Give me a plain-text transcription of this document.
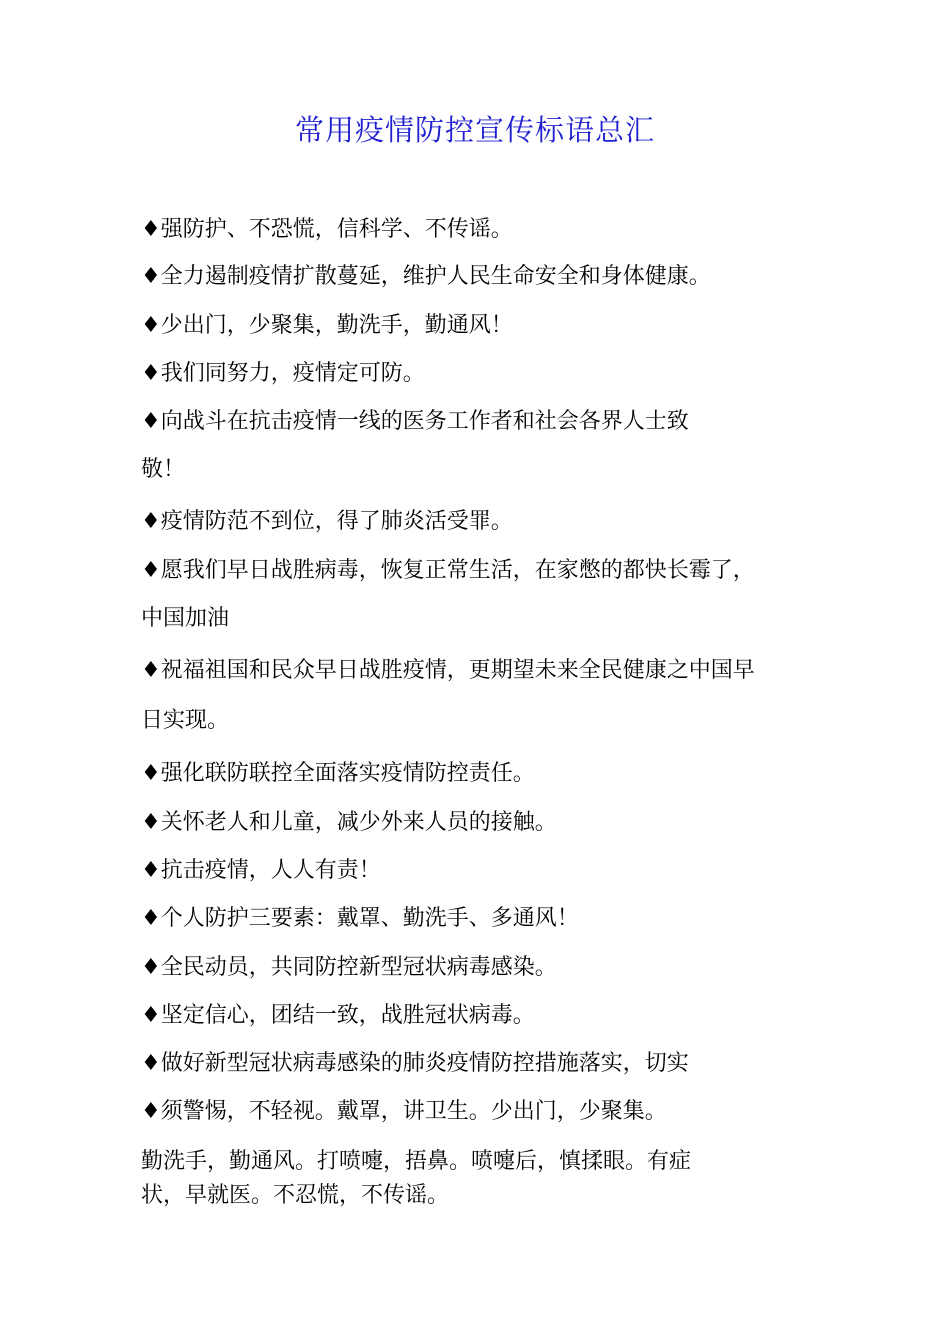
常用疫情防控宣传标语总汇

♦强防护、不恐慌，信科学、不传谣。

♦全力遏制疫情扩散蔓延，维护人民生命安全和身体健康。

♦少出门，少聚集，勤洗手，勤通风！

♦我们同努力，疫情定可防。

♦向战斗在抗击疫情一线的医务工作者和社会各界人士致

敬！

♦疫情防范不到位，得了肺炎活受罪。

♦愿我们早日战胜病毒，恢复正常生活，在家憋的都快长霉了，

中国加油

♦祝福祖国和民众早日战胜疫情，更期望未来全民健康之中国早

日实现。

♦强化联防联控全面落实疫情防控责任。

♦关怀老人和儿童，减少外来人员的接触。

♦抗击疫情，人人有责！

♦个人防护三要素：戴罩、勤洗手、多通风！

♦全民动员，共同防控新型冠状病毒感染。

♦坚定信心，团结一致，战胜冠状病毒。

♦做好新型冠状病毒感染的肺炎疫情防控措施落实，切实

♦须警惕，不轻视。戴罩，讲卫生。少出门，少聚集。

勤洗手，勤通风。打喷嚏，捂鼻。喷嚏后，慎揉眼。有症

状，早就医。不忍慌，不传谣。
